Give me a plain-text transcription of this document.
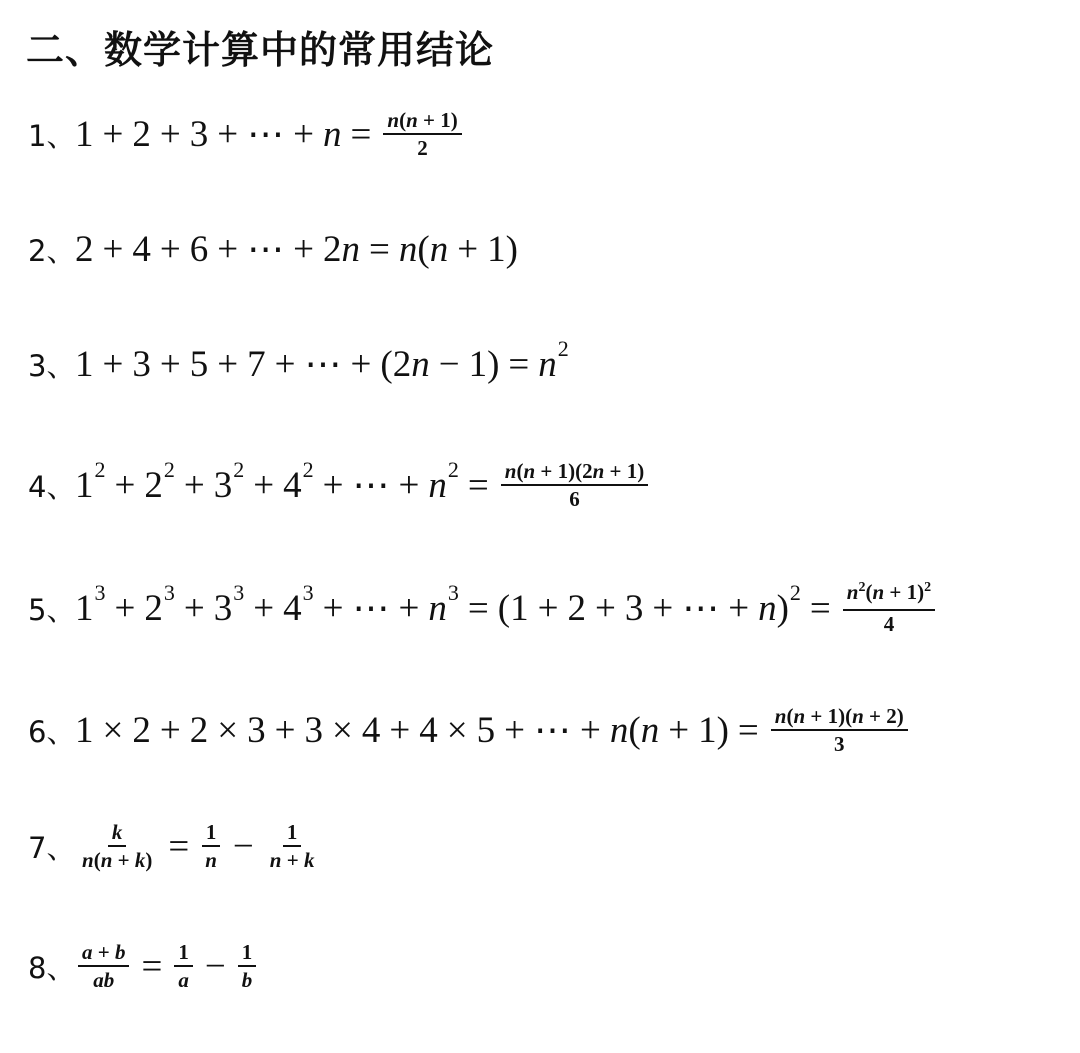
二、数学计算中的常用结论
1、 1 + 2 + 3 + ⋯ + $n = \frac{n(n + 1)}{2}$
2、 2 + 4 + 6 + ⋯ + 2 n = n ( n + 1)
3、 1 + 3 + 5 + 7 + ⋯ + (2 n − 1) = n 2
4、 1 2 + 2 2 + 3 2 + 4 2 + ⋯ + n $2 = \frac{n(n + 1)(2n + 1)}{6}$
5、 1 3 + 2 3 + 3 3 + 4 3 + ⋯ + n 3 = (1 + 2 + 3 + ⋯ + n ) $2 = \frac{n^2(n + 1)^2}{4}$
6、 1 × 2 + 2 × 3 + 3 × 4 + 4 × 5 + ⋯ + n ( $n + 1) = \frac{n(n + 1)(n + 2)}{3}$
7、 $\frac{k}{n(n + k)} = \frac{1}{n} - \frac{1}{n + k}$
8、 $\frac{a + b}{ab} = \frac{1}{a} - \frac{1}{b}$
